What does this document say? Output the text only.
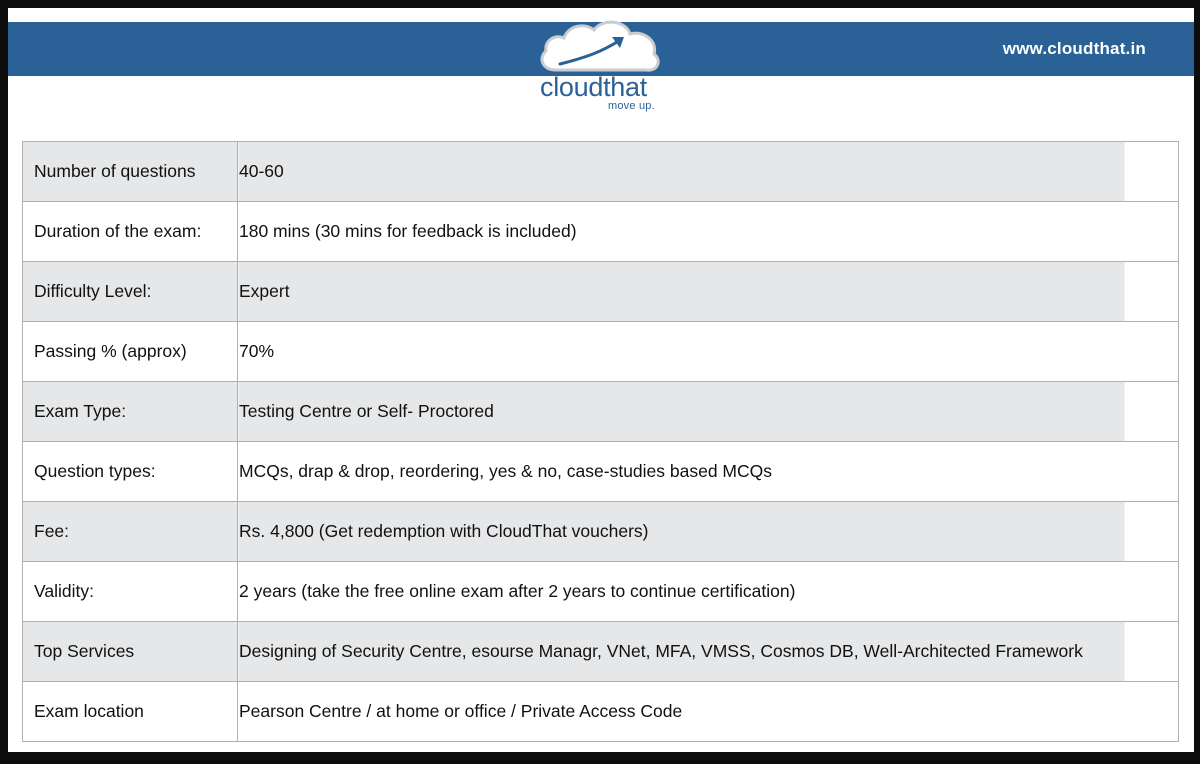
www.cloudthat.in
cloudthat
move up.
Number of questions	40-60
Duration of the exam:	180 mins (30 mins for feedback is included)
Difficulty Level:	Expert
Passing % (approx)	70%
Exam Type:	Testing Centre or Self- Proctored
Question types:	MCQs, drap & drop, reordering, yes & no, case-studies based MCQs
Fee:	Rs. 4,800 (Get redemption with CloudThat vouchers)
Validity:	2 years (take the free online exam after 2 years to continue certification)
Top Services	Designing of Security Centre, esourse Managr, VNet, MFA, VMSS, Cosmos DB, Well-Architected Framework
Exam location	Pearson Centre / at home or office / Private Access Code
